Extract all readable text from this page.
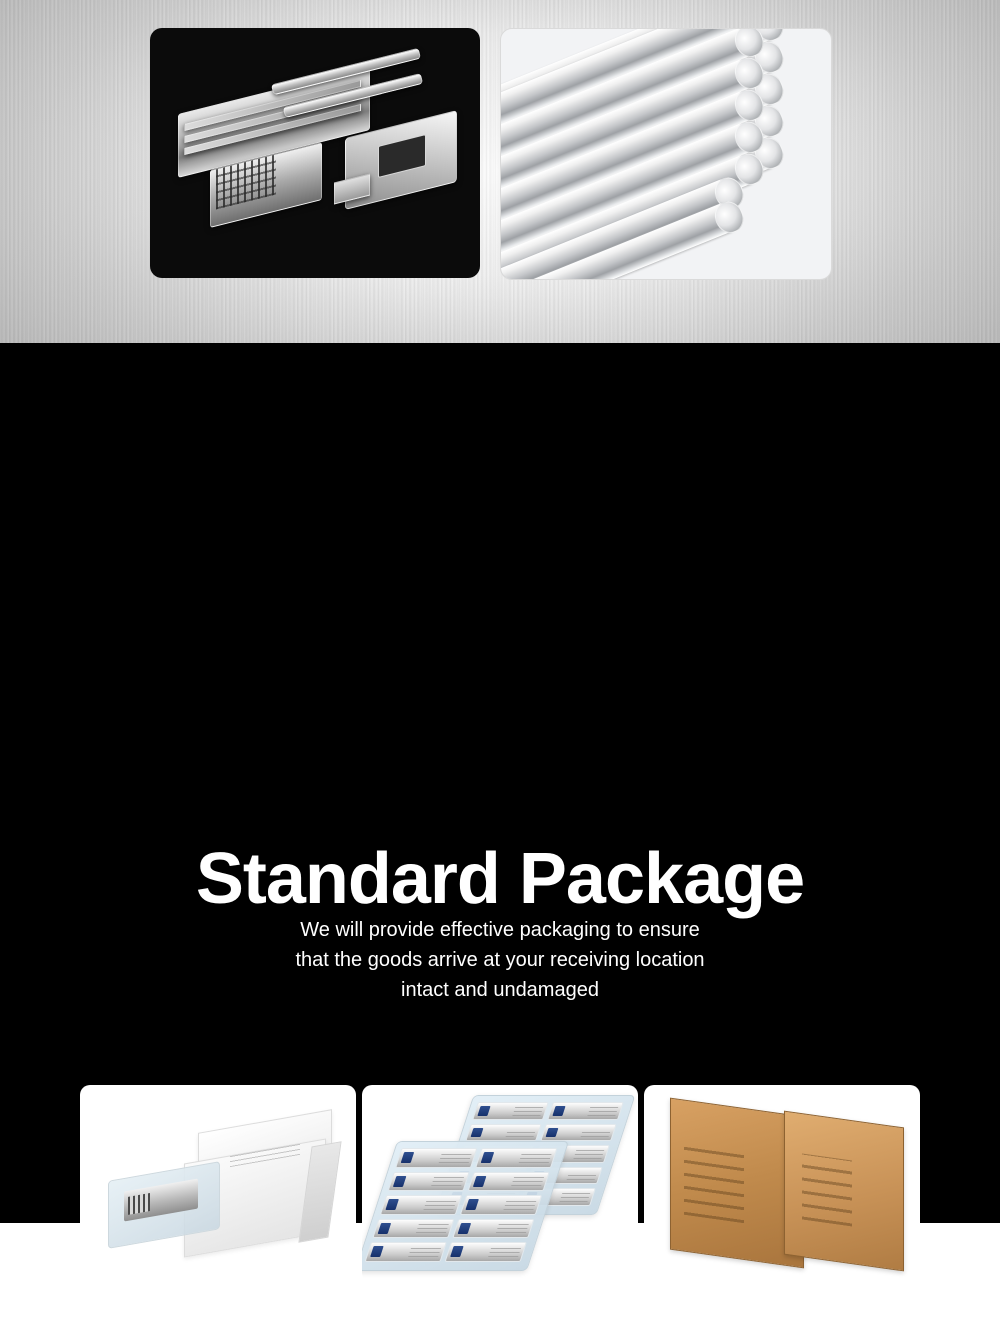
Standard Package
We will provide effective packaging to ensure
that the goods arrive at your receiving location
intact and undamaged
1-Packing	10-Packing	More BoxPacking
